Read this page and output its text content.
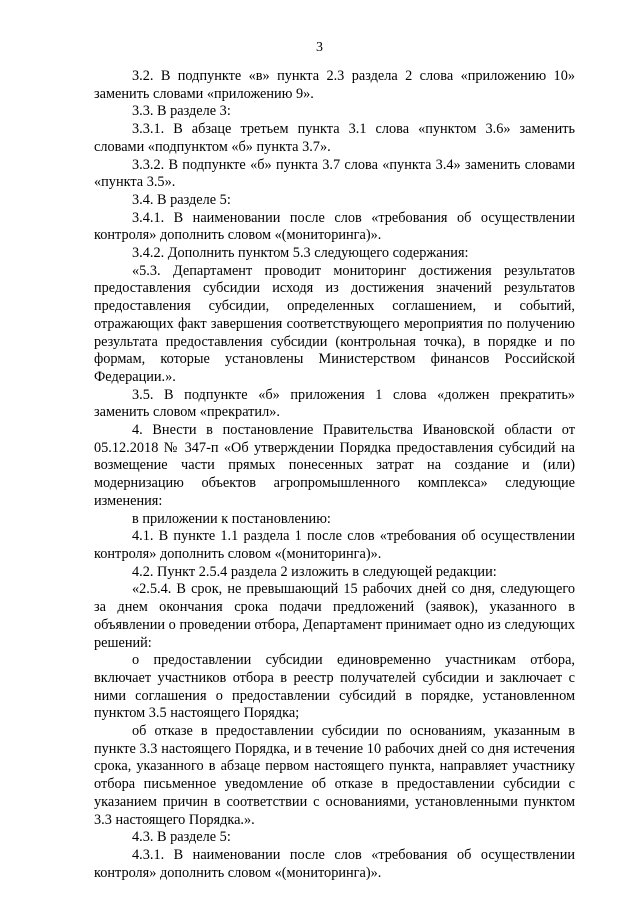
3

3.2. В подпункте «в» пункта 2.3 раздела 2 слова «приложению 10» заменить словами «приложению 9».

3.3. В разделе 3:

3.3.1. В абзаце третьем пункта 3.1 слова «пунктом 3.6» заменить словами «подпунктом «б» пункта 3.7».

3.3.2. В подпункте «б» пункта 3.7 слова «пункта 3.4» заменить словами «пункта 3.5».

3.4. В разделе 5:

3.4.1. В наименовании после слов «требования об осуществлении контроля» дополнить словом «(мониторинга)».

3.4.2. Дополнить пунктом 5.3 следующего содержания:

«5.3. Департамент проводит мониторинг достижения результатов предоставления субсидии исходя из достижения значений результатов предоставления субсидии, определенных соглашением, и событий, отражающих факт завершения соответствующего мероприятия по получению результата предоставления субсидии (контрольная точка), в порядке и по формам, которые установлены Министерством финансов Российской Федерации.».

3.5. В подпункте «б» приложения 1 слова «должен прекратить» заменить словом «прекратил».

4. Внести в постановление Правительства Ивановской области от 05.12.2018 № 347-п «Об утверждении Порядка предоставления субсидий на возмещение части прямых понесенных затрат на создание и (или) модернизацию объектов агропромышленного комплекса» следующие изменения:

в приложении к постановлению:

4.1. В пункте 1.1 раздела 1 после слов «требования об осуществлении контроля» дополнить словом «(мониторинга)».

4.2. Пункт 2.5.4 раздела 2 изложить в следующей редакции:

«2.5.4. В срок, не превышающий 15 рабочих дней со дня, следующего за днем окончания срока подачи предложений (заявок), указанного в объявлении о проведении отбора, Департамент принимает одно из следующих решений:

о предоставлении субсидии единовременно участникам отбора, включает участников отбора в реестр получателей субсидии и заключает с ними соглашения о предоставлении субсидий в порядке, установленном пунктом 3.5 настоящего Порядка;

об отказе в предоставлении субсидии по основаниям, указанным в пункте 3.3 настоящего Порядка, и в течение 10 рабочих дней со дня истечения срока, указанного в абзаце первом настоящего пункта, направляет участнику отбора письменное уведомление об отказе в предоставлении субсидии с указанием причин в соответствии с основаниями, установленными пунктом 3.3 настоящего Порядка.».

4.3. В разделе 5:

4.3.1. В наименовании после слов «требования об осуществлении контроля» дополнить словом «(мониторинга)».
